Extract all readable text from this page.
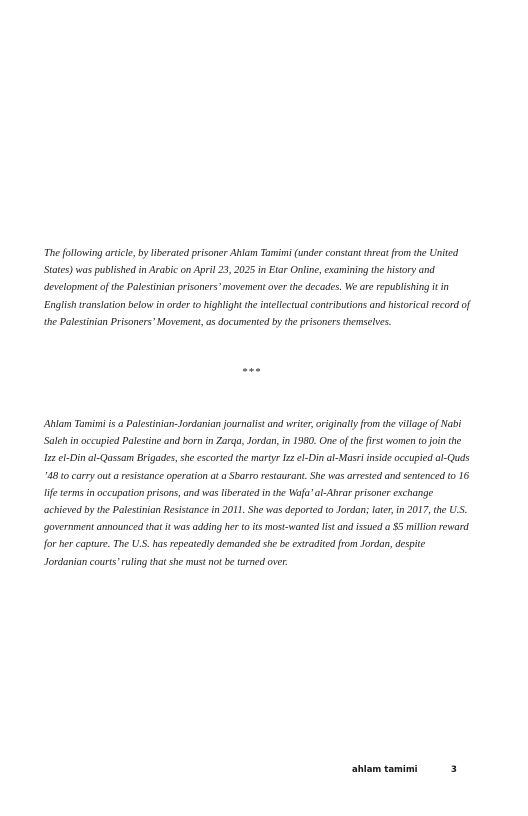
The following article, by liberated prisoner Ahlam Tamimi (under constant threat from the United States) was published in Arabic on April 23, 2025 in Etar Online, examining the history and development of the Palestinian prisoners’ movement over the decades. We are republishing it in English translation below in order to highlight the intellectual contributions and historical record of the Palestinian Prisoners’ Movement, as documented by the prisoners themselves.

***

Ahlam Tamimi is a Palestinian-Jordanian journalist and writer, originally from the village of Nabi Saleh in occupied Palestine and born in Zarqa, Jordan, in 1980. One of the first women to join the Izz el-Din al-Qassam Brigades, she escorted the martyr Izz el-Din al-Masri inside occupied al-Quds ’48 to carry out a resistance operation at a Sbarro restaurant. She was arrested and sentenced to 16 life terms in occupation prisons, and was liberated in the Wafa’ al-Ahrar prisoner exchange achieved by the Palestinian Resistance in 2011. She was deported to Jordan; later, in 2017, the U.S. government announced that it was adding her to its most-wanted list and issued a $5 million reward for her capture. The U.S. has repeatedly demanded she be extradited from Jordan, despite Jordanian courts’ ruling that she must not be turned over.

ahlam tamimi	3
